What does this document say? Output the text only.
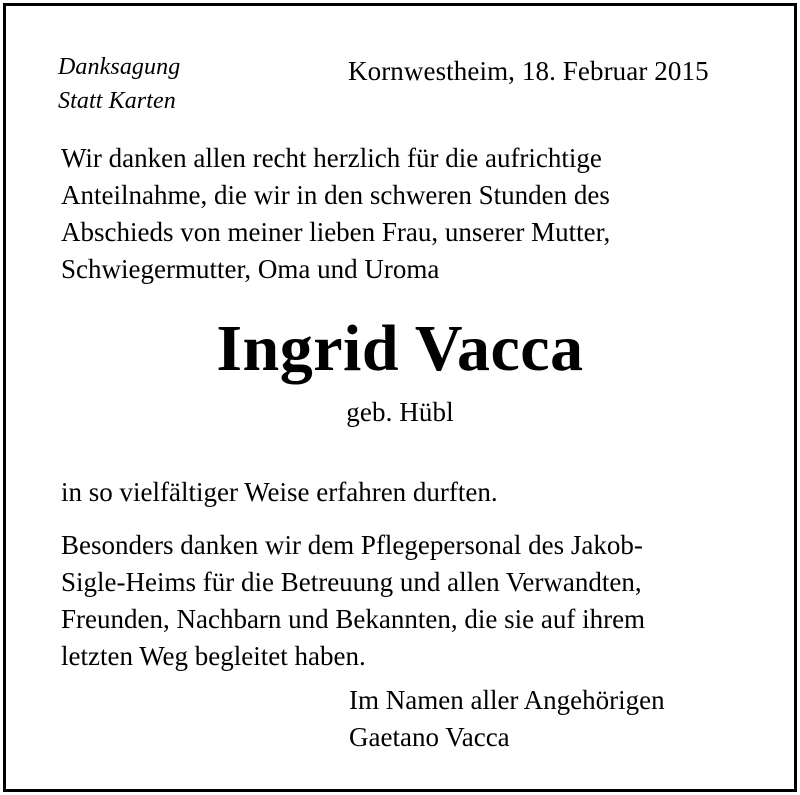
Danksagung
Statt Karten
Kornwestheim, 18. Februar 2015
Wir danken allen recht herzlich für die aufrichtige
Anteilnahme, die wir in den schweren Stunden des
Abschieds von meiner lieben Frau, unserer Mutter,
Schwiegermutter, Oma und Uroma
Ingrid Vacca
geb. Hübl
in so vielfältiger Weise erfahren durften.
Besonders danken wir dem Pflegepersonal des Jakob-
Sigle-Heims für die Betreuung und allen Verwandten,
Freunden, Nachbarn und Bekannten, die sie auf ihrem
letzten Weg begleitet haben.
Im Namen aller Angehörigen
Gaetano Vacca
